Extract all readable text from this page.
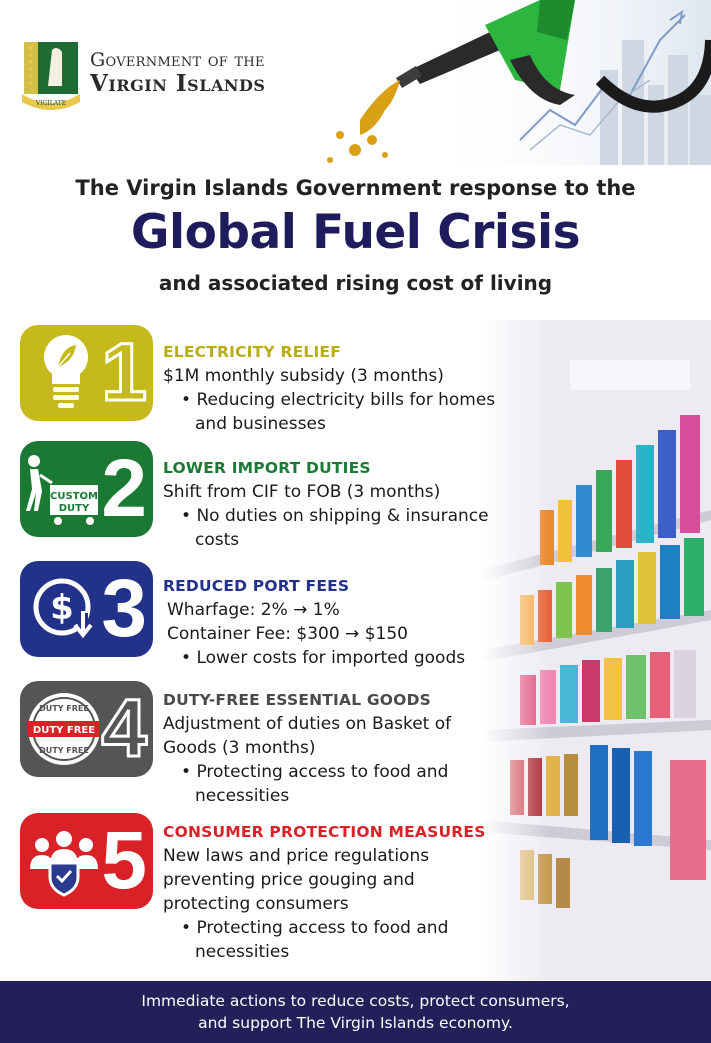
VIGILATE
Government of the
Virgin Islands
The Virgin Islands Government response to the
Global Fuel Crisis
and associated rising cost of living
1 ELECTRICITY RELIEF
$1M monthly subsidy (3 months)
• Reducing electricity bills for homes and businesses
CUSTOM
DUTY 2 LOWER IMPORT DUTIES
Shift from CIF to FOB (3 months)
• No duties on shipping & insurance costs
$ 3 REDUCED PORT FEES
Wharfage: 2% → 1%
Container Fee: $300 → $150
• Lower costs for imported goods
DUTY FREE
DUTY FREE
DUTY FREE 4 DUTY-FREE ESSENTIAL GOODS
Adjustment of duties on Basket of
Goods (3 months)
• Protecting access to food and necessities
5 CONSUMER PROTECTION MEASURES
New laws and price regulations
preventing price gouging and
protecting consumers
• Protecting access to food and necessities
Immediate actions to reduce costs, protect consumers,
and support The Virgin Islands economy.
